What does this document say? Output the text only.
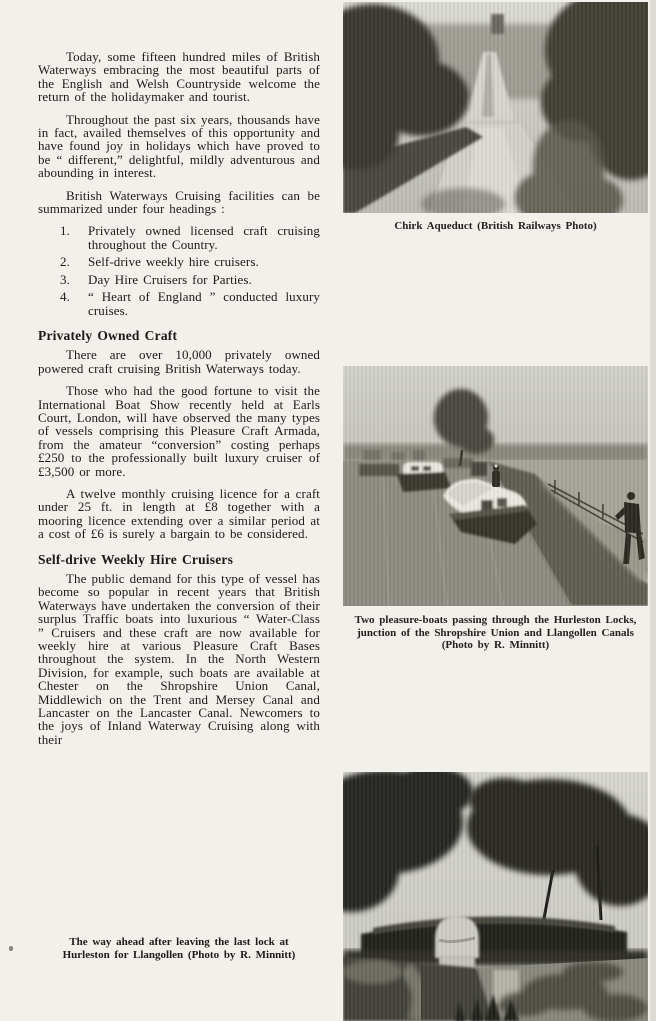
Today, some fifteen hundred miles of British Waterways embracing the most beautiful parts of the English and Welsh Countryside welcome the return of the holidaymaker and tourist.

Throughout the past six years, thousands have in fact, availed themselves of this opportunity and have found joy in holidays which have proved to be “ different,” delightful, mildly adventurous and abounding in interest.

British Waterways Cruising facilities can be summarized under four headings :

1.	Privately owned licensed craft cruising throughout the Country.
2.	Self-drive weekly hire cruisers.
3.	Day Hire Cruisers for Parties.
4.	“ Heart of England ” conducted luxury cruises.
Privately Owned Craft

There are over 10,000 privately owned powered craft cruising British Waterways today.

Those who had the good fortune to visit the International Boat Show recently held at Earls Court, London, will have observed the many types of vessels comprising this Pleasure Craft Armada, from the amateur “conversion” costing perhaps £250 to the professionally built luxury cruiser of £3,500 or more.

A twelve monthly cruising licence for a craft under 25 ft. in length at £8 together with a mooring licence extending over a similar period at a cost of £6 is surely a bargain to be considered.

Self-drive Weekly Hire Cruisers

The public demand for this type of vessel has become so popular in recent years that British Waterways have undertaken the conversion of their surplus Traffic boats into luxurious “ Water-Class ” Cruisers and these craft are now available for weekly hire at various Pleasure Craft Bases throughout the system. In the North Western Division, for example, such boats are available at Chester on the Shropshire Union Canal, Middlewich on the Trent and Mersey Canal and Lancaster on the Lancaster Canal. Newcomers to the joys of Inland Waterway Cruising along with their

The way ahead after leaving the last lock at Hurleston for Llangollen (Photo by R. Minnitt)
Chirk Aqueduct (British Railways Photo)
Two pleasure-boats passing through the Hurleston Locks, junction of the Shropshire Union and Llangollen Canals (Photo by R. Minnitt)
